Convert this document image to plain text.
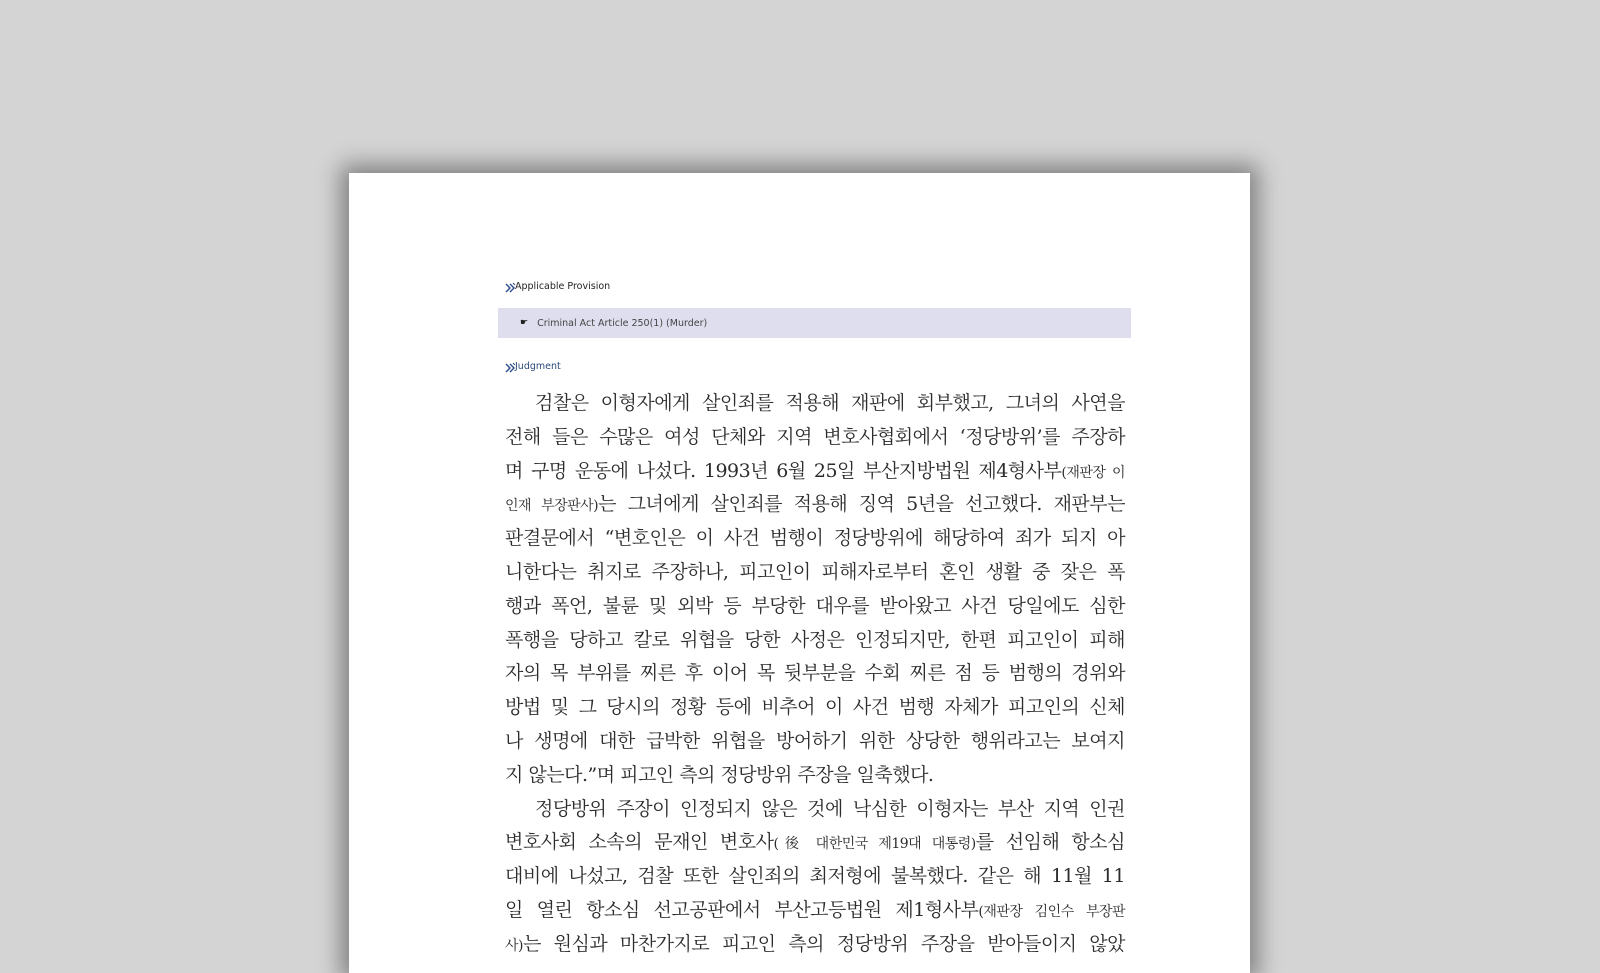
Applicable Provision
☛ Criminal Act Article 250(1) (Murder)
Judgment
검찰은 이형자에게 살인죄를 적용해 재판에 회부했고, 그녀의 사연을
전해 들은 수많은 여성 단체와 지역 변호사협회에서 ‘정당방위’를 주장하
며 구명 운동에 나섰다. 1993년 6월 25일 부산지방법원 제4형사부(재판장 이
인재 부장판사)는 그녀에게 살인죄를 적용해 징역 5년을 선고했다. 재판부는
판결문에서 “변호인은 이 사건 범행이 정당방위에 해당하여 죄가 되지 아
니한다는 취지로 주장하나, 피고인이 피해자로부터 혼인 생활 중 잦은 폭
행과 폭언, 불륜 및 외박 등 부당한 대우를 받아왔고 사건 당일에도 심한
폭행을 당하고 칼로 위협을 당한 사정은 인정되지만, 한편 피고인이 피해
자의 목 부위를 찌른 후 이어 목 뒷부분을 수회 찌른 점 등 범행의 경위와
방법 및 그 당시의 정황 등에 비추어 이 사건 범행 자체가 피고인의 신체
나 생명에 대한 급박한 위협을 방어하기 위한 상당한 행위라고는 보여지
지 않는다.”며 피고인 측의 정당방위 주장을 일축했다.
정당방위 주장이 인정되지 않은 것에 낙심한 이형자는 부산 지역 인권
변호사회 소속의 문재인 변호사(後 대한민국 제19대 대통령)를 선임해 항소심
대비에 나섰고, 검찰 또한 살인죄의 최저형에 불복했다. 같은 해 11월 11
일 열린 항소심 선고공판에서 부산고등법원 제1형사부(재판장 김인수 부장판
사)는 원심과 마찬가지로 피고인 측의 정당방위 주장을 받아들이지 않았
